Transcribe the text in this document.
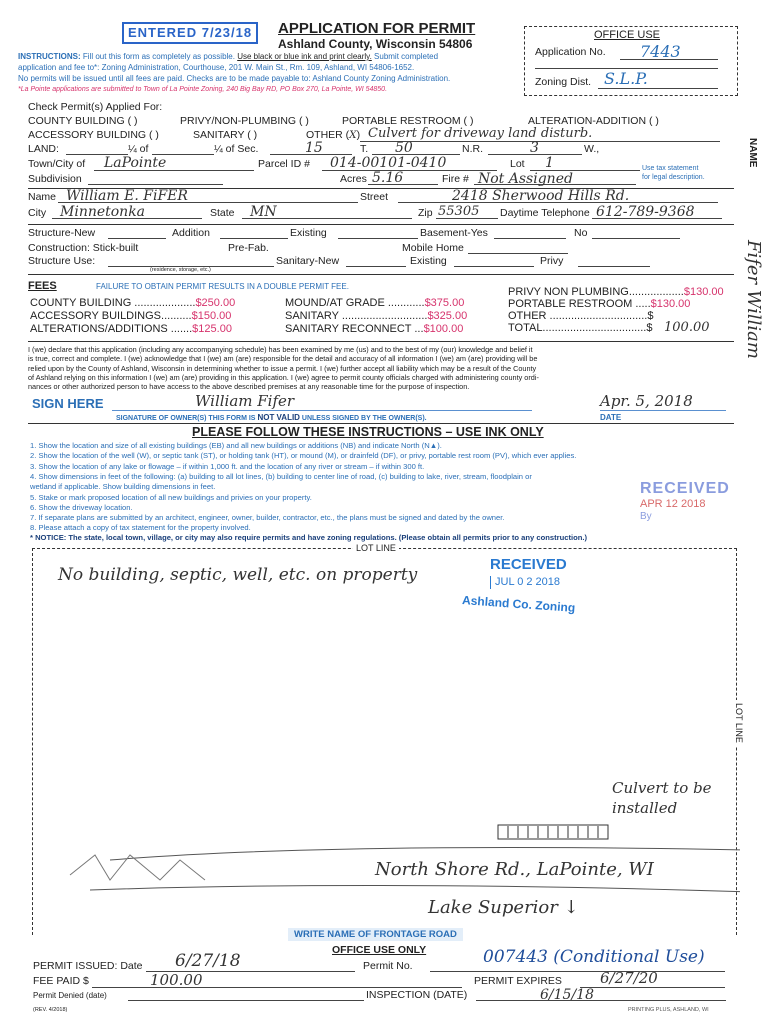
ENTERED 7/23/18	APPLICATION FOR PERMIT
Ashland County, Wisconsin 54806
INSTRUCTIONS: Fill out this form as completely as possible. Use black or blue ink and print clearly. Submit completed
application and fee to*: Zoning Administration, Courthouse, 201 W. Main St., Rm. 109, Ashland, WI 54806-1652.
No permits will be issued until all fees are paid. Checks are to be made payable to: Ashland County Zoning Administration.
*La Pointe applications are submitted to Town of La Pointe Zoning, 240 Big Bay RD, PO Box 270, La Pointe, WI 54850.
OFFICE USE
Application No. 7443
Zoning Dist. S.L.P.
Check Permit(s) Applied For:
COUNTY BUILDING ( )	PRIVY/NON-PLUMBING ( )	PORTABLE RESTROOM ( )	ALTERATION-ADDITION ( )
ACCESSORY BUILDING ( )	OTHER (X)
SANITARY ( )	Culvert for driveway land disturb.
LAND:	¼ of	¼ of Sec.	15	T. 50	N.R.	3	W.,
Town/City of LaPointe	Parcel ID # 014-00101-0410	Lot 1	Use tax statement
for legal description.
Subdivision	Acres 5.16	Fire # Not Assigned
Name William E. FiFER	Street	2418 Sherwood Hills Rd.
City Minnetonka	State MN	Zip 55305 Daytime Telephone 612-789-9368
Structure-New	Addition	Existing	Basement-Yes	No
Construction: Stick-built	Pre-Fab.	Mobile Home
Structure Use:
(residence, storage, etc.)
Sanitary-New	Existing	Privy
FEES	FAILURE TO OBTAIN PERMIT RESULTS IN A DOUBLE PERMIT FEE.
COUNTY BUILDING ....................$250.00
ACCESSORY BUILDINGS..........$150.00
ALTERATIONS/ADDITIONS .......$125.00
MOUND/AT GRADE ............$375.00
SANITARY ............................$325.00
SANITARY RECONNECT ...$100.00
PRIVY NON PLUMBING..................$130.00
PORTABLE RESTROOM .....$130.00
OTHER ................................$
TOTAL..................................$ 100.00
I (we) declare that this application (including any accompanying schedule) has been examined by me (us) and to the best of my (our) knowledge and belief it
is true, correct and complete. I (we) acknowledge that I (we) am (are) responsible for the detail and accuracy of all information I (we) am (are) providing will be
relied upon by the County of Ashland, Wisconsin in determining whether to issue a permit. I (we) further accept all liability which may be a result of the County
of Ashland relying on this information I (we) am (are) providing in this application. I (we) agree to permit county officials charged with administering county ordi-
nances or other authorized person to have access to the above described premises at any reasonable time for the purpose of inspection.
SIGN HERE	William Fifer	Apr. 5, 2018
SIGNATURE OF OWNER(S) THIS FORM IS NOT VALID UNLESS SIGNED BY THE OWNER(S).	DATE
PLEASE FOLLOW THESE INSTRUCTIONS – USE INK ONLY
1. Show the location and size of all existing buildings (EB) and all new buildings or additions (NB) and indicate North (N▲).
2. Show the location of the well (W), or septic tank (ST), or holding tank (HT), or mound (M), or drainfeld (DF), or privy, portable rest room (PV), which ever applies.
3. Show the location of any lake or flowage – if within 1,000 ft. and the location of any river or stream – if within 300 ft.
4. Show dimensions in feet of the following: (a) building to all lot lines, (b) building to center line of road, (c) building to lake, river, stream, floodplain or
wetland if applicable. Show building dimensions in feet.
5. Stake or mark proposed location of all new buildings and privies on your property.
6. Show the driveway location.
7. If separate plans are submitted by an architect, engineer, owner, builder, contractor, etc., the plans must be signed and dated by the owner.
8. Please attach a copy of tax statement for the property involved.
* NOTICE: The state, local town, village, or city may also require permits and have zoning regulations. (Please obtain all permits prior to any construction.)
RECEIVED
APR 12 2018
By
LOT LINE
LOT LINE
No building, septic, well, etc. on property
RECEIVED
JUL 0 2 2018
Ashland Co. Zoning
Culvert to be installed
North Shore Rd., LaPointe, WI
Lake Superior ↓
WRITE NAME OF FRONTAGE ROAD
NAME
Fifer William
OFFICE USE ONLY
PERMIT ISSUED: Date 6/27/18	Permit No.	007443 (Conditional Use)
FEE PAID $	100.00	PERMIT EXPIRES	6/27/20
Permit Denied (date)	INSPECTION (DATE)	6/15/18
(REV. 4/2018)	PRINTING PLUS, ASHLAND, WI
